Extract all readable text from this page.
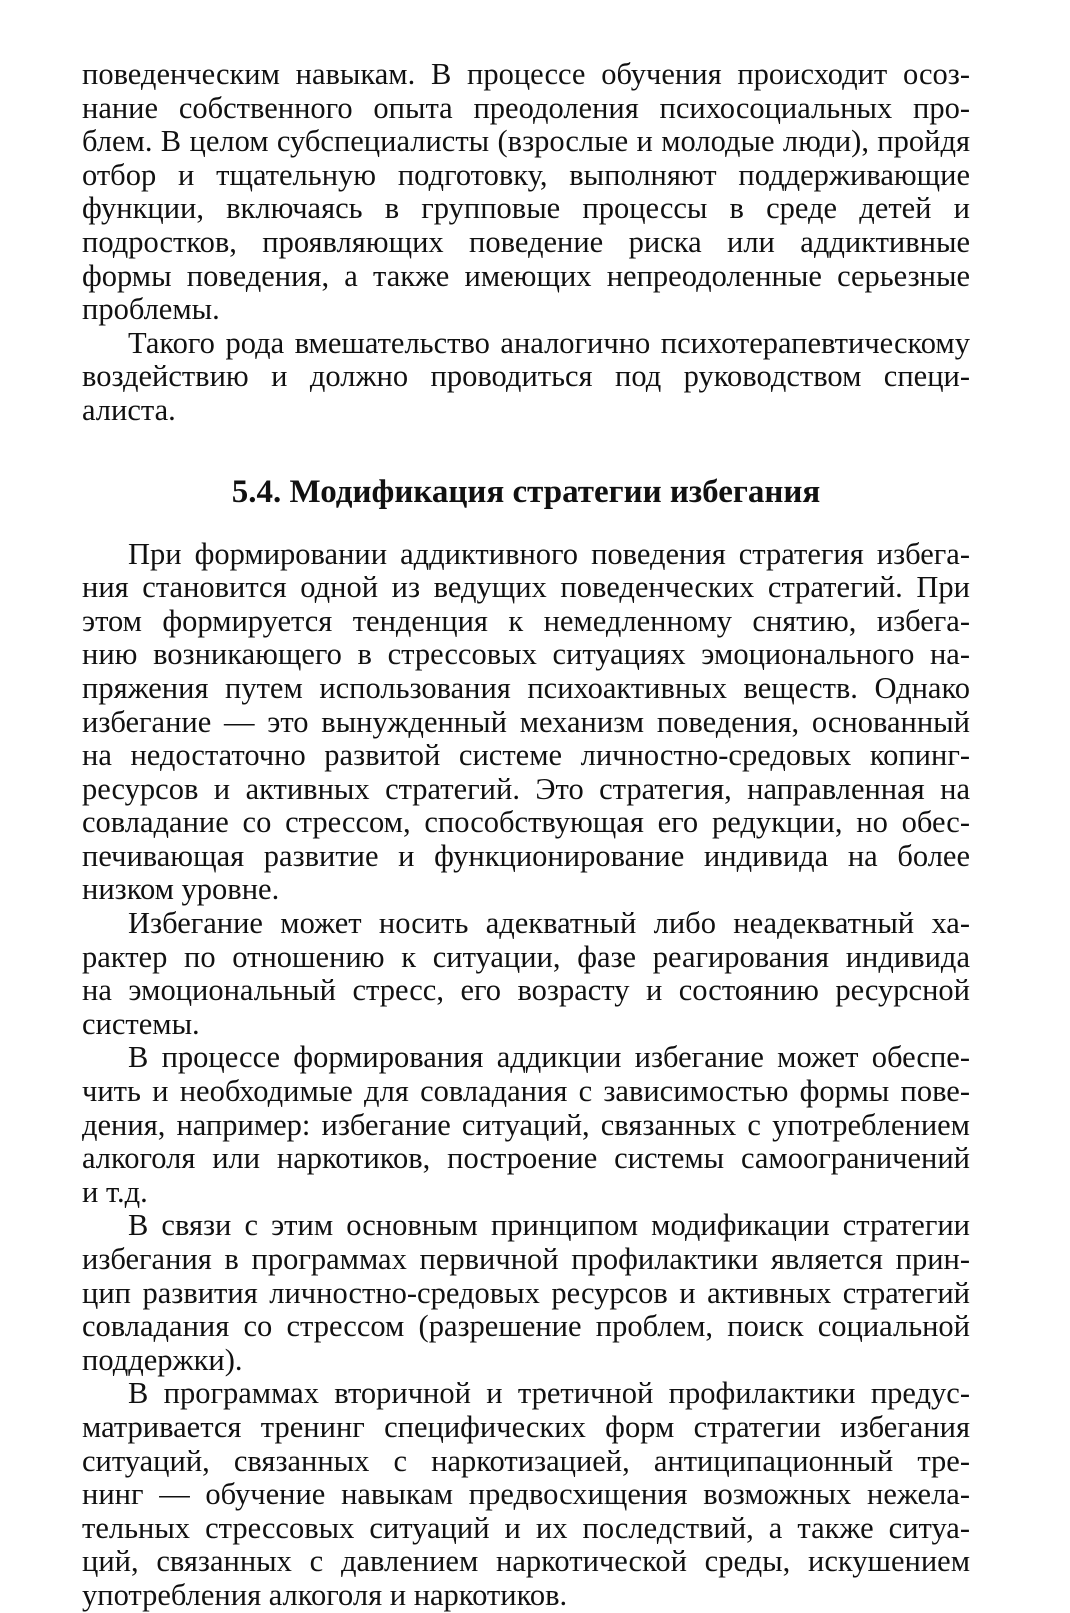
поведенческим навыкам. В процессе обучения происходит осоз-
нание собственного опыта преодоления психосоциальных про-
блем. В целом субспециалисты (взрослые и молодые люди), пройдя
отбор и тщательную подготовку, выполняют поддерживающие
функции, включаясь в групповые процессы в среде детей и
подростков, проявляющих поведение риска или аддиктивные
формы поведения, а также имеющих непреодоленные серьезные
проблемы.
Такого рода вмешательство аналогично психотерапевтическому
воздействию и должно проводиться под руководством специ-
алиста.
5.4. Модификация стратегии избегания
При формировании аддиктивного поведения стратегия избега-
ния становится одной из ведущих поведенческих стратегий. При
этом формируется тенденция к немедленному снятию, избега-
нию возникающего в стрессовых ситуациях эмоционального на-
пряжения путем использования психоактивных веществ. Однако
избегание — это вынужденный механизм поведения, основанный
на недостаточно развитой системе личностно-средовых копинг-
ресурсов и активных стратегий. Это стратегия, направленная на
совладание со стрессом, способствующая его редукции, но обес-
печивающая развитие и функционирование индивида на более
низком уровне.
Избегание может носить адекватный либо неадекватный ха-
рактер по отношению к ситуации, фазе реагирования индивида
на эмоциональный стресс, его возрасту и состоянию ресурсной
системы.
В процессе формирования аддикции избегание может обеспе-
чить и необходимые для совладания с зависимостью формы пове-
дения, например: избегание ситуаций, связанных с употреблением
алкоголя или наркотиков, построение системы самоограничений
и т.д.
В связи с этим основным принципом модификации стратегии
избегания в программах первичной профилактики является прин-
цип развития личностно-средовых ресурсов и активных стратегий
совладания со стрессом (разрешение проблем, поиск социальной
поддержки).
В программах вторичной и третичной профилактики предус-
матривается тренинг специфических форм стратегии избегания
ситуаций, связанных с наркотизацией, антиципационный тре-
нинг — обучение навыкам предвосхищения возможных нежела-
тельных стрессовых ситуаций и их последствий, а также ситуа-
ций, связанных с давлением наркотической среды, искушением
употребления алкоголя и наркотиков.
